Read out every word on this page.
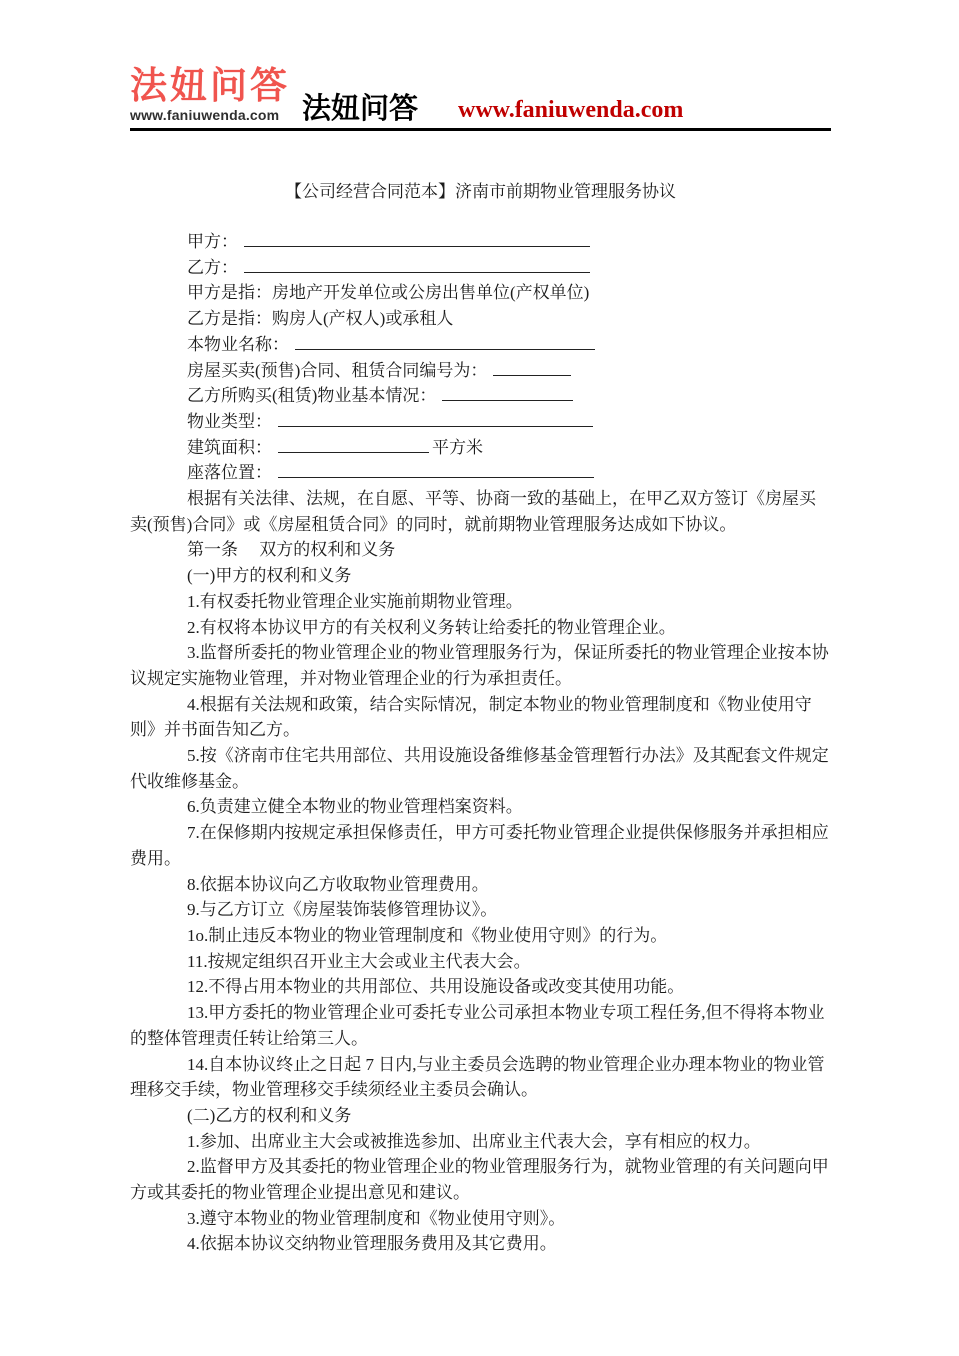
法妞问答
www.faniuwenda.com 法妞问答 www.faniuwenda.com
【公司经营合同范本】济南市前期物业管理服务协议
甲方：
乙方：
甲方是指：房地产开发单位或公房出售单位(产权单位)
乙方是指：购房人(产权人)或承租人
本物业名称：
房屋买卖(预售)合同、租赁合同编号为：
乙方所购买(租赁)物业基本情况：
物业类型：
建筑面积：	平方米
座落位置：

根据有关法律、法规，在自愿、平等、协商一致的基础上，在甲乙双方签订《房屋买卖(预售)合同》或《房屋租赁合同》的同时，就前期物业管理服务达成如下协议。

第一条　 双方的权利和义务

(一)甲方的权利和义务

1.有权委托物业管理企业实施前期物业管理。

2.有权将本协议甲方的有关权利义务转让给委托的物业管理企业。

3.监督所委托的物业管理企业的物业管理服务行为，保证所委托的物业管理企业按本协议规定实施物业管理，并对物业管理企业的行为承担责任。

4.根据有关法规和政策，结合实际情况，制定本物业的物业管理制度和《物业使用守则》并书面告知乙方。

5.按《济南市住宅共用部位、共用设施设备维修基金管理暂行办法》及其配套文件规定代收维修基金。

6.负责建立健全本物业的物业管理档案资料。

7.在保修期内按规定承担保修责任，甲方可委托物业管理企业提供保修服务并承担相应费用。

8.依据本协议向乙方收取物业管理费用。

9.与乙方订立《房屋装饰装修管理协议》。

1o.制止违反本物业的物业管理制度和《物业使用守则》的行为。

11.按规定组织召开业主大会或业主代表大会。

12.不得占用本物业的共用部位、共用设施设备或改变其使用功能。

13.甲方委托的物业管理企业可委托专业公司承担本物业专项工程任务,但不得将本物业的整体管理责任转让给第三人。

14.自本协议终止之日起 7 日内,与业主委员会选聘的物业管理企业办理本物业的物业管理移交手续，物业管理移交手续须经业主委员会确认。

(二)乙方的权利和义务

1.参加、出席业主大会或被推选参加、出席业主代表大会，享有相应的权力。

2.监督甲方及其委托的物业管理企业的物业管理服务行为，就物业管理的有关问题向甲方或其委托的物业管理企业提出意见和建议。

3.遵守本物业的物业管理制度和《物业使用守则》。

4.依据本协议交纳物业管理服务费用及其它费用。
